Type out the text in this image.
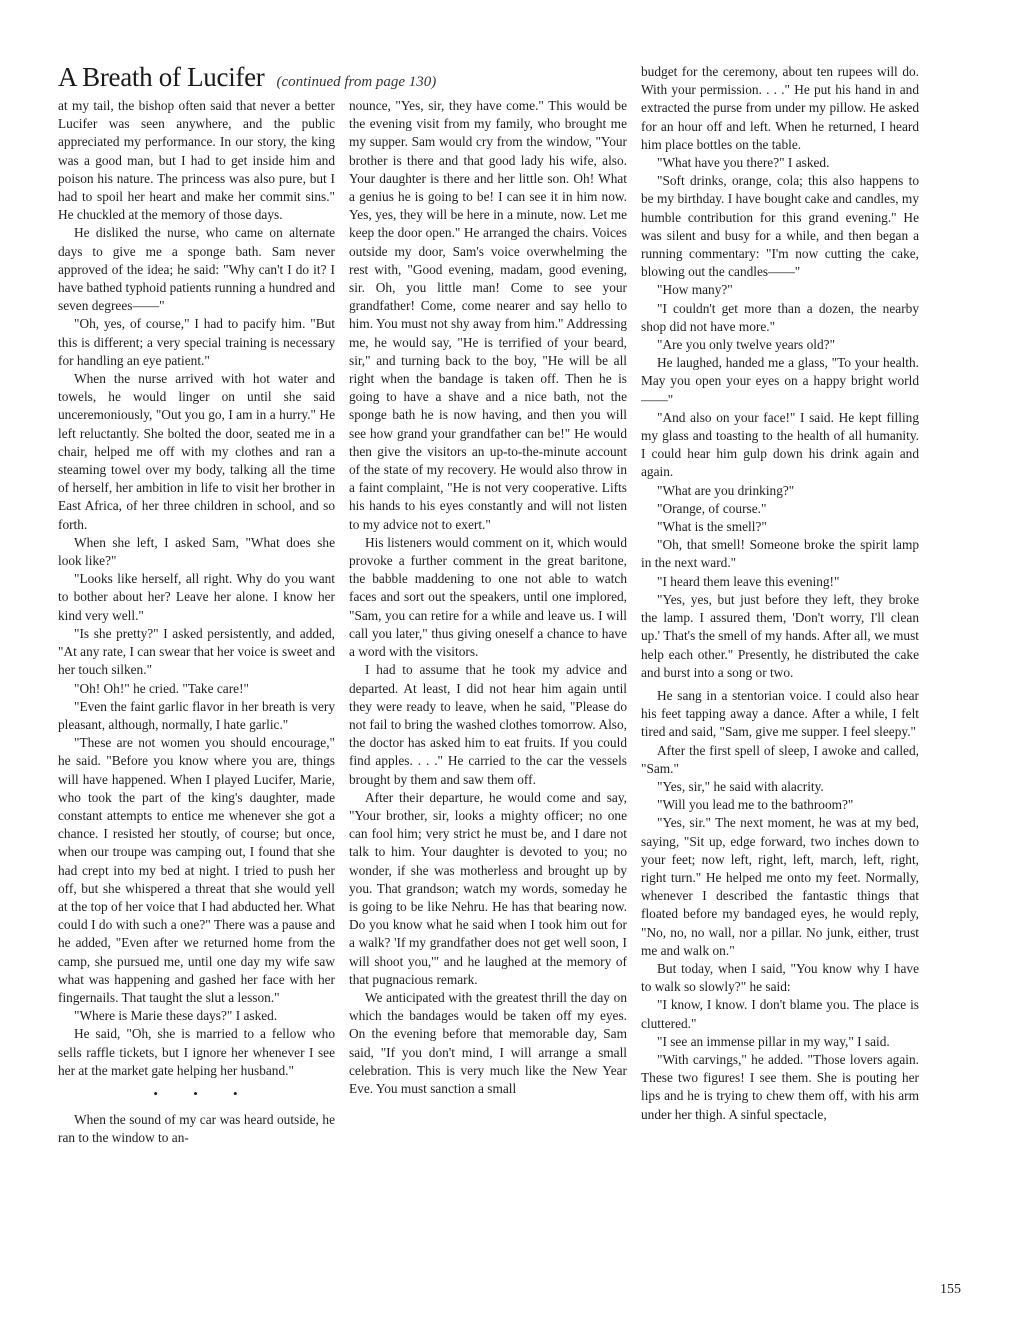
A Breath of Lucifer (continued from page 130)

at my tail, the bishop often said that never a better Lucifer was seen anywhere, and the public appreciated my performance. In our story, the king was a good man, but I had to get inside him and poison his nature. The princess was also pure, but I had to spoil her heart and make her commit sins." He chuckled at the memory of those days.

He disliked the nurse, who came on alternate days to give me a sponge bath. Sam never approved of the idea; he said: "Why can't I do it? I have bathed typhoid patients running a hundred and seven degrees——"

"Oh, yes, of course," I had to pacify him. "But this is different; a very special training is necessary for handling an eye patient."

When the nurse arrived with hot water and towels, he would linger on until she said unceremoniously, "Out you go, I am in a hurry." He left reluctantly. She bolted the door, seated me in a chair, helped me off with my clothes and ran a steaming towel over my body, talking all the time of herself, her ambition in life to visit her brother in East Africa, of her three children in school, and so forth.

When she left, I asked Sam, "What does she look like?"

"Looks like herself, all right. Why do you want to bother about her? Leave her alone. I know her kind very well."

"Is she pretty?" I asked persistently, and added, "At any rate, I can swear that her voice is sweet and her touch silken."

"Oh! Oh!" he cried. "Take care!"

"Even the faint garlic flavor in her breath is very pleasant, although, normally, I hate garlic."

"These are not women you should encourage," he said. "Before you know where you are, things will have happened. When I played Lucifer, Marie, who took the part of the king's daughter, made constant attempts to entice me whenever she got a chance. I resisted her stoutly, of course; but once, when our troupe was camping out, I found that she had crept into my bed at night. I tried to push her off, but she whispered a threat that she would yell at the top of her voice that I had abducted her. What could I do with such a one?" There was a pause and he added, "Even after we returned home from the camp, she pursued me, until one day my wife saw what was happening and gashed her face with her fingernails. That taught the slut a lesson."

"Where is Marie these days?" I asked.

He said, "Oh, she is married to a fellow who sells raffle tickets, but I ignore her whenever I see her at the market gate helping her husband."

• • •

When the sound of my car was heard outside, he ran to the window to an-

nounce, "Yes, sir, they have come." This would be the evening visit from my family, who brought me my supper. Sam would cry from the window, "Your brother is there and that good lady his wife, also. Your daughter is there and her little son. Oh! What a genius he is going to be! I can see it in him now. Yes, yes, they will be here in a minute, now. Let me keep the door open." He arranged the chairs. Voices outside my door, Sam's voice overwhelming the rest with, "Good evening, madam, good evening, sir. Oh, you little man! Come to see your grandfather! Come, come nearer and say hello to him. You must not shy away from him." Addressing me, he would say, "He is terrified of your beard, sir," and turning back to the boy, "He will be all right when the bandage is taken off. Then he is going to have a shave and a nice bath, not the sponge bath he is now having, and then you will see how grand your grandfather can be!" He would then give the visitors an up-to-the-minute account of the state of my recovery. He would also throw in a faint complaint, "He is not very cooperative. Lifts his hands to his eyes constantly and will not listen to my advice not to exert."

His listeners would comment on it, which would provoke a further comment in the great baritone, the babble maddening to one not able to watch faces and sort out the speakers, until one implored, "Sam, you can retire for a while and leave us. I will call you later," thus giving oneself a chance to have a word with the visitors.

I had to assume that he took my advice and departed. At least, I did not hear him again until they were ready to leave, when he said, "Please do not fail to bring the washed clothes tomorrow. Also, the doctor has asked him to eat fruits. If you could find apples. . . ." He carried to the car the vessels brought by them and saw them off.

After their departure, he would come and say, "Your brother, sir, looks a mighty officer; no one can fool him; very strict he must be, and I dare not talk to him. Your daughter is devoted to you; no wonder, if she was motherless and brought up by you. That grandson; watch my words, someday he is going to be like Nehru. He has that bearing now. Do you know what he said when I took him out for a walk? 'If my grandfather does not get well soon, I will shoot you,'" and he laughed at the memory of that pugnacious remark.

We anticipated with the greatest thrill the day on which the bandages would be taken off my eyes. On the evening before that memorable day, Sam said, "If you don't mind, I will arrange a small celebration. This is very much like the New Year Eve. You must sanction a small

budget for the ceremony, about ten rupees will do. With your permission. . . ." He put his hand in and extracted the purse from under my pillow. He asked for an hour off and left. When he returned, I heard him place bottles on the table.

"What have you there?" I asked.

"Soft drinks, orange, cola; this also happens to be my birthday. I have bought cake and candles, my humble contribution for this grand evening." He was silent and busy for a while, and then began a running commentary: "I'm now cutting the cake, blowing out the candles——"

"How many?"

"I couldn't get more than a dozen, the nearby shop did not have more."

"Are you only twelve years old?"

He laughed, handed me a glass, "To your health. May you open your eyes on a happy bright world——"

"And also on your face!" I said. He kept filling my glass and toasting to the health of all humanity. I could hear him gulp down his drink again and again.

"What are you drinking?"

"Orange, of course."

"What is the smell?"

"Oh, that smell! Someone broke the spirit lamp in the next ward."

"I heard them leave this evening!"

"Yes, yes, but just before they left, they broke the lamp. I assured them, 'Don't worry, I'll clean up.' That's the smell of my hands. After all, we must help each other." Presently, he distributed the cake and burst into a song or two.

He sang in a stentorian voice. I could also hear his feet tapping away a dance. After a while, I felt tired and said, "Sam, give me supper. I feel sleepy."

After the first spell of sleep, I awoke and called, "Sam."

"Yes, sir," he said with alacrity.

"Will you lead me to the bathroom?"

"Yes, sir." The next moment, he was at my bed, saying, "Sit up, edge forward, two inches down to your feet; now left, right, left, march, left, right, right turn." He helped me onto my feet. Normally, whenever I described the fantastic things that floated before my bandaged eyes, he would reply, "No, no, no wall, nor a pillar. No junk, either, trust me and walk on."

But today, when I said, "You know why I have to walk so slowly?" he said:

"I know, I know. I don't blame you. The place is cluttered."

"I see an immense pillar in my way," I said.

"With carvings," he added. "Those lovers again. These two figures! I see them. She is pouting her lips and he is trying to chew them off, with his arm under her thigh. A sinful spectacle,

155
